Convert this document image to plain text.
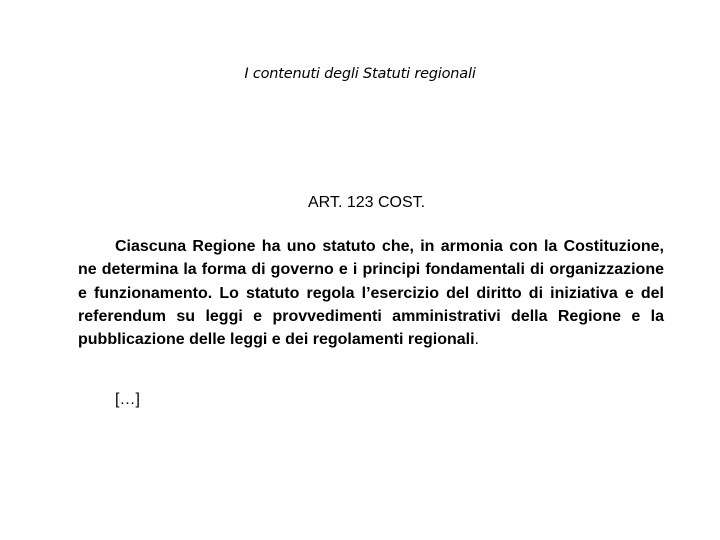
I contenuti degli Statuti regionali
ART. 123 COST.

Ciascuna Regione ha uno statuto che, in armonia con la Costituzione, ne determina la forma di governo e i principi fondamentali di organizzazione e funzionamento. Lo statuto regola l’esercizio del diritto di iniziativa e del referendum su leggi e provvedimenti amministrativi della Regione e la pubblicazione delle leggi e dei regolamenti regionali.

[…]
